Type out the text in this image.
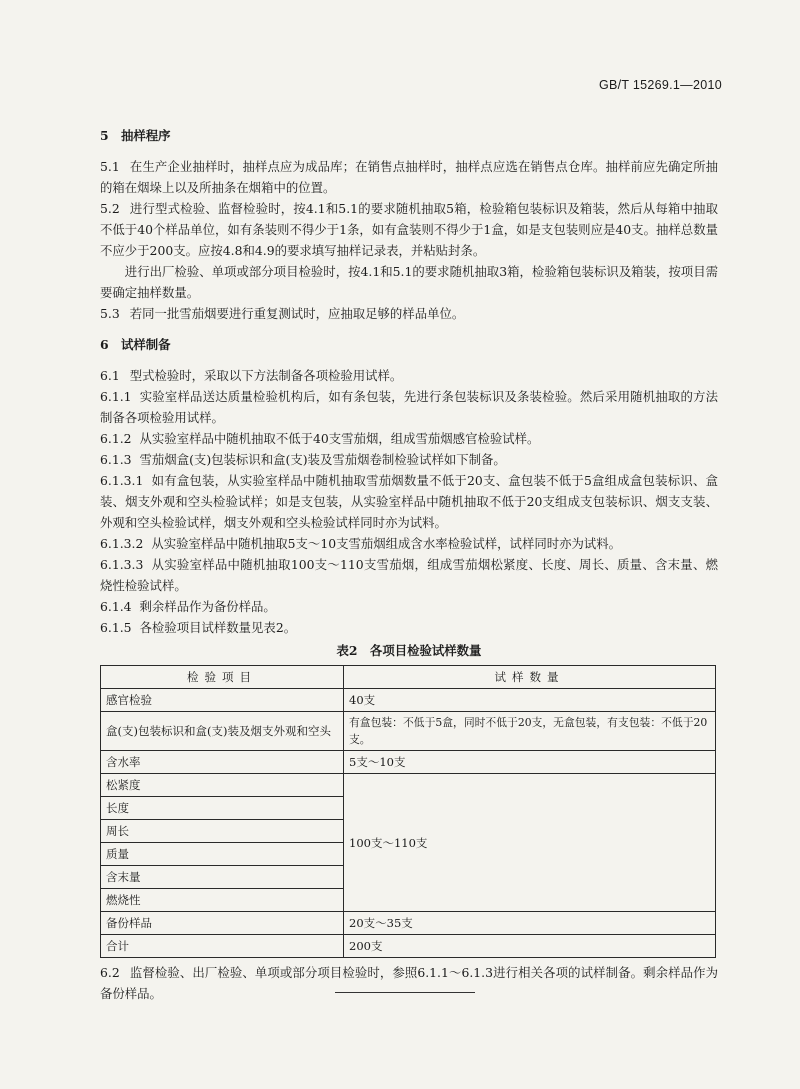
GB/T 15269.1—2010

5　抽样程序

5.1 在生产企业抽样时，抽样点应为成品库；在销售点抽样时，抽样点应选在销售点仓库。抽样前应先确定所抽的箱在烟垛上以及所抽条在烟箱中的位置。

5.2 进行型式检验、监督检验时，按4.1和5.1的要求随机抽取5箱，检验箱包装标识及箱装，然后从每箱中抽取不低于40个样品单位，如有条装则不得少于1条，如有盒装则不得少于1盒，如是支包装则应是40支。抽样总数量不应少于200支。应按4.8和4.9的要求填写抽样记录表，并粘贴封条。

进行出厂检验、单项或部分项目检验时，按4.1和5.1的要求随机抽取3箱，检验箱包装标识及箱装，按项目需要确定抽样数量。

5.3 若同一批雪茄烟要进行重复测试时，应抽取足够的样品单位。

6　试样制备

6.1 型式检验时，采取以下方法制备各项检验用试样。

6.1.1 实验室样品送达质量检验机构后，如有条包装，先进行条包装标识及条装检验。然后采用随机抽取的方法制备各项检验用试样。

6.1.2 从实验室样品中随机抽取不低于40支雪茄烟，组成雪茄烟感官检验试样。

6.1.3 雪茄烟盒(支)包装标识和盒(支)装及雪茄烟卷制检验试样如下制备。

6.1.3.1 如有盒包装，从实验室样品中随机抽取雪茄烟数量不低于20支、盒包装不低于5盒组成盒包装标识、盒装、烟支外观和空头检验试样；如是支包装，从实验室样品中随机抽取不低于20支组成支包装标识、烟支支装、外观和空头检验试样，烟支外观和空头检验试样同时亦为试料。

6.1.3.2 从实验室样品中随机抽取5支～10支雪茄烟组成含水率检验试样，试样同时亦为试料。

6.1.3.3 从实验室样品中随机抽取100支～110支雪茄烟，组成雪茄烟松紧度、长度、周长、质量、含末量、燃烧性检验试样。

6.1.4 剩余样品作为备份样品。

6.1.5 各检验项目试样数量见表2。

表2　各项目检验试样数量
检验项目	试样数量
感官检验	40支
盒(支)包装标识和盒(支)装及烟支外观和空头	有盒包装：不低于5盒，同时不低于20支，无盒包装，有支包装：不低于20支。
含水率	5支～10支
松紧度	100支～110支
长度	
周长	
质量	
含末量	
燃烧性	
备份样品	20支～35支
合计	200支

6.2 监督检验、出厂检验、单项或部分项目检验时，参照6.1.1～6.1.3进行相关各项的试样制备。剩余样品作为备份样品。
